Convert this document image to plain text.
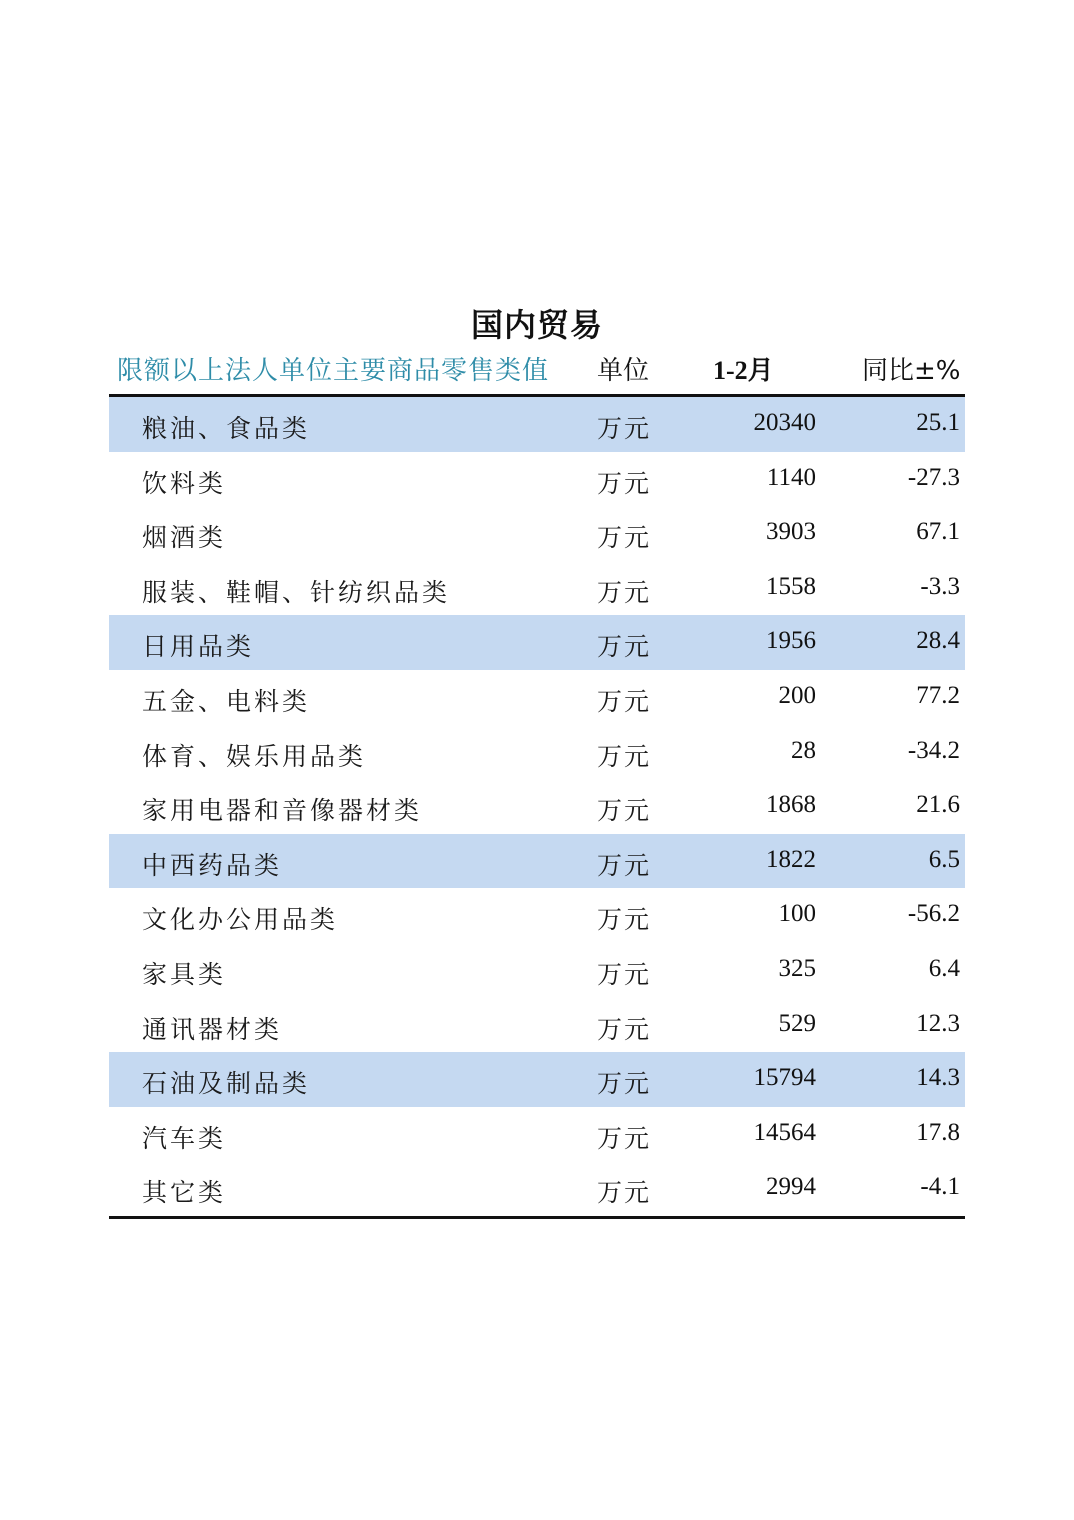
国内贸易
限额以上法人单位主要商品零售类值 单位 1-2月	同比±%
粮油、食品类	万元	20340	25.1
饮料类	万元	1140	-27.3
烟酒类	万元	3903	67.1
服装、鞋帽、针纺织品类	万元	1558	-3.3
日用品类	万元	1956	28.4
五金、电料类	万元	200	77.2
体育、娱乐用品类	万元	28	-34.2
家用电器和音像器材类	万元	1868	21.6
中西药品类	万元	1822	6.5
文化办公用品类	万元	100	-56.2
家具类	万元	325	6.4
通讯器材类	万元	529	12.3
石油及制品类	万元	15794	14.3
汽车类	万元	14564	17.8
其它类	万元	2994	-4.1
